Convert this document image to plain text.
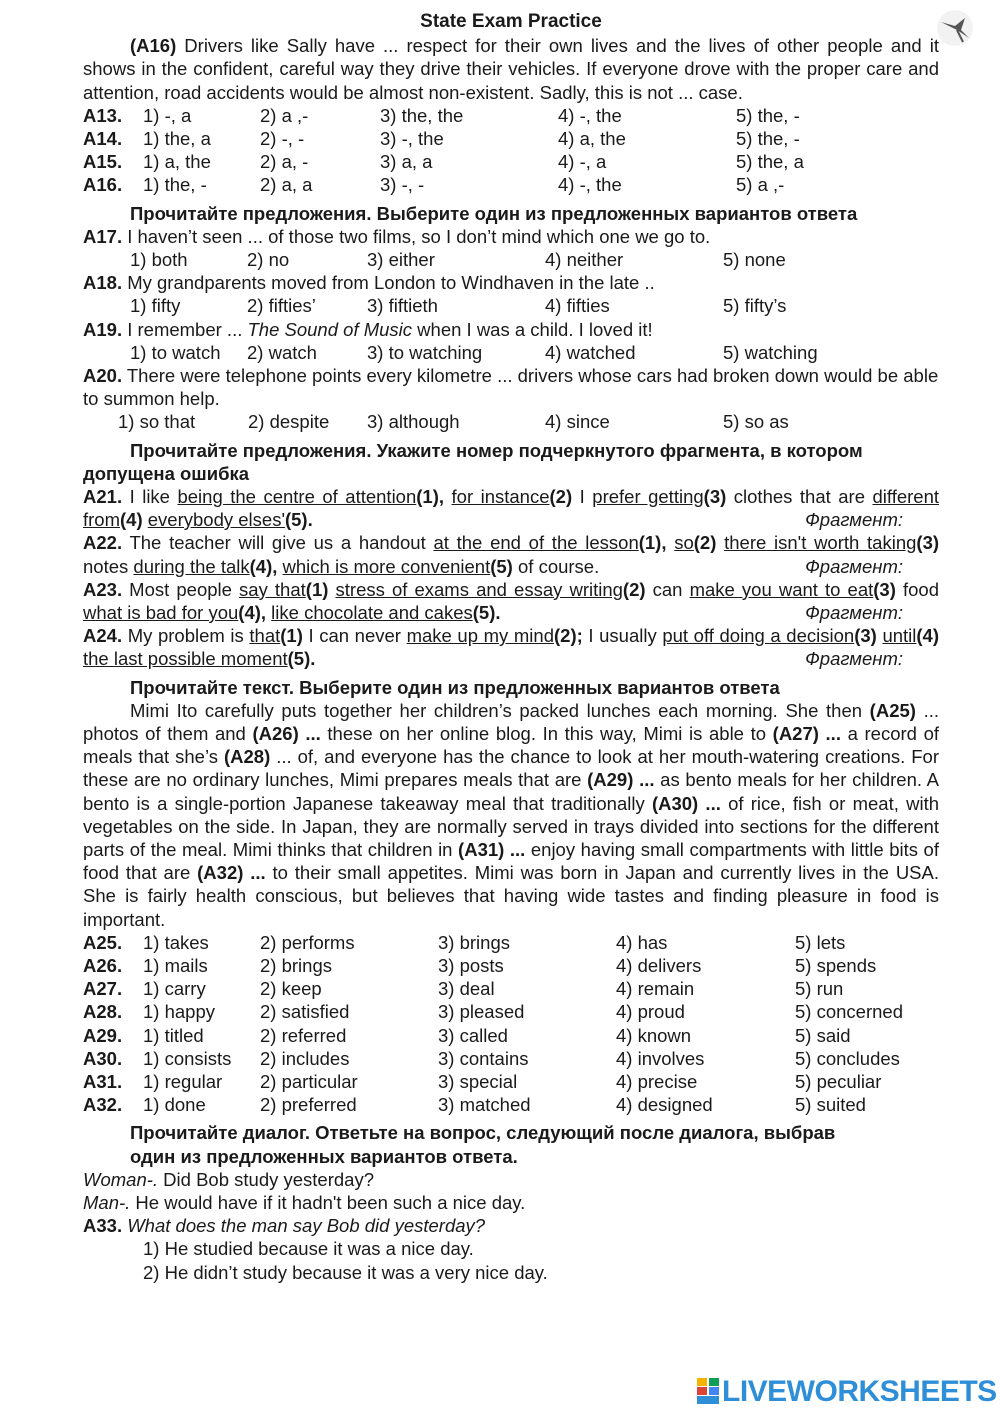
State Exam Practice
(A16) Drivers like Sally have ... respect for their own lives and the lives of other people and it shows in the confident, careful way they drive their vehicles. If everyone drove with the proper care and attention, road accidents would be almost non-existent. Sadly, this is not ... case.
A13.	1) -, a	2) a ,-	3) the, the	4) -, the	5) the, -
A14.	1) the, a	2) -, -	3) -, the	4) a, the	5) the, -
A15.	1) a, the	2) a, -	3) a, a	4) -, a	5) the, a
A16.	1) the, -	2) a, a	3) -, -	4) -, the	5) a ,-
Прочитайте предложения. Выберите один из предложенных вариантов ответа
A17. I haven’t seen ... of those two films, so I don’t mind which one we go to.
1) both	2) no	3) either	4) neither	5) none
A18. My grandparents moved from London to Windhaven in the late ..
1) fifty	2) fifties’	3) fiftieth	4) fifties	5) fifty’s
A19. I remember ... The Sound of Music when I was a child. I loved it!
1) to watch	2) watch	3) to watching	4) watched	5) watching
A20. There were telephone points every kilometre ... drivers whose cars had broken down would be able to summon help.
1) so that	2) despite	3) although	4) since	5) so as
Прочитайте предложения. Укажите номер подчеркнутого фрагмента, в котором
допущена ошибка
A21. I like being the centre of attention(1), for instance(2) I prefer getting(3) clothes that are different from(4) everybody elses'(5).	Фрагмент:
A22. The teacher will give us a handout at the end of the lesson(1), so(2) there isn't worth taking(3) notes during the talk(4), which is more convenient(5) of course.	Фрагмент:
A23. Most people say that(1) stress of exams and essay writing(2) can make you want to eat(3) food what is bad for you(4), like chocolate and cakes(5).	Фрагмент:
A24. My problem is that(1) I can never make up my mind(2); I usually put off doing a decision(3) until(4) the last possible moment(5).	Фрагмент:
Прочитайте текст. Выберите один из предложенных вариантов ответа
Mimi Ito carefully puts together her children’s packed lunches each morning. She then (A25) ... photos of them and (A26) ... these on her online blog. In this way, Mimi is able to (A27) ... a record of meals that she’s (A28) ... of, and everyone has the chance to look at her mouth-watering creations. For these are no ordinary lunches, Mimi prepares meals that are (A29) ... as bento meals for her children. A bento is a single-portion Japanese takeaway meal that traditionally (A30) ... of rice, fish or meat, with vegetables on the side. In Japan, they are normally served in trays divided into sections for the different parts of the meal. Mimi thinks that children in (A31) ... enjoy having small compartments with little bits of food that are (A32) ... to their small appetites. Mimi was born in Japan and currently lives in the USA. She is fairly health conscious, but believes that having wide tastes and finding pleasure in food is important.
A25.	1) takes	2) performs	3) brings	4) has	5) lets
A26.	1) mails	2) brings	3) posts	4) delivers	5) spends
A27.	1) carry	2) keep	3) deal	4) remain	5) run
A28.	1) happy	2) satisfied	3) pleased	4) proud	5) concerned
A29.	1) titled	2) referred	3) called	4) known	5) said
A30.	1) consists	2) includes	3) contains	4) involves	5) concludes
A31.	1) regular	2) particular	3) special	4) precise	5) peculiar
A32.	1) done	2) preferred	3) matched	4) designed	5) suited
Прочитайте диалог. Ответьте на вопрос, следующий после диалога, выбрав
один из предложенных вариантов ответа.
Woman-. Did Bob study yesterday?
Man-. He would have if it hadn't been such a nice day.
A33. What does the man say Bob did yesterday?
1) He studied because it was a nice day.
2) He didn’t study because it was a very nice day.
LIVEWORKSHEETS
